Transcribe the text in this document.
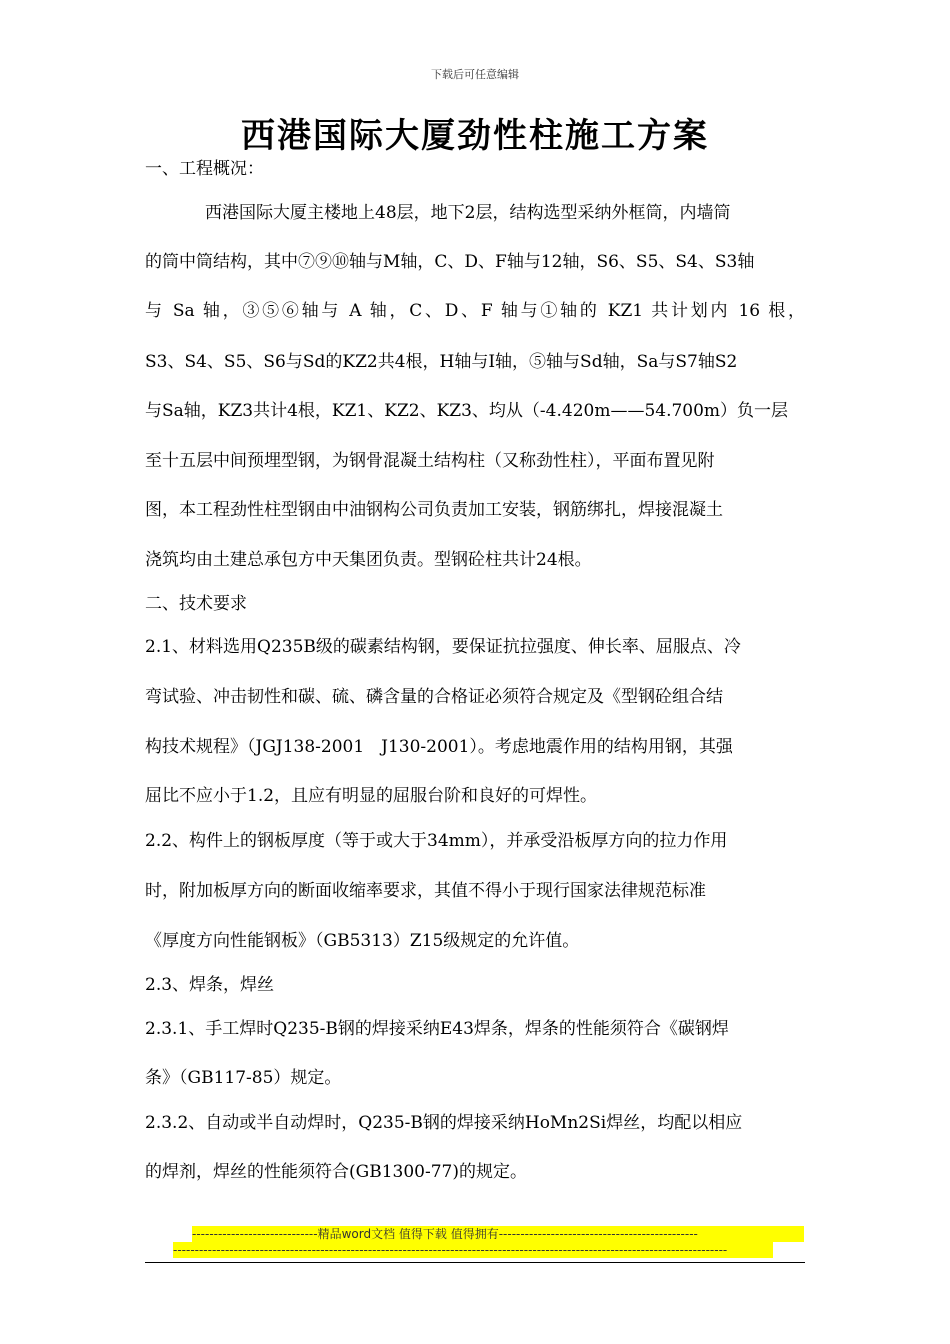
下载后可任意编辑
西港国际大厦劲性柱施工方案
一、工程概况：
西港国际大厦主楼地上48层，地下2层，结构选型采纳外框筒，内墙筒
的筒中筒结构，其中⑦⑨⑩轴与M轴，C、D、F轴与12轴，S6、S5、S4、S3轴
与 Sa 轴，③⑤⑥轴与 A 轴，C、D、F 轴与①轴的 KZ1 共计划内 16 根，
S3、S4、S5、S6与Sd的KZ2共4根，H轴与I轴，⑤轴与Sd轴，Sa与S7轴S2
与Sa轴，KZ3共计4根，KZ1、KZ2、KZ3、均从（-4.420m——54.700m）负一层
至十五层中间预埋型钢，为钢骨混凝土结构柱（又称劲性柱），平面布置见附
图，本工程劲性柱型钢由中油钢构公司负责加工安装，钢筋绑扎，焊接混凝土
浇筑均由土建总承包方中天集团负责。型钢砼柱共计24根。
二、技术要求
2.1、材料选用Q235B级的碳素结构钢，要保证抗拉强度、伸长率、屈服点、冷
弯试验、冲击韧性和碳、硫、磷含量的合格证必须符合规定及《型钢砼组合结
构技术规程》（JGJ138-2001　J130-2001）。考虑地震作用的结构用钢，其强
屈比不应小于1.2，且应有明显的屈服台阶和良好的可焊性。
2.2、构件上的钢板厚度（等于或大于34mm），并承受沿板厚方向的拉力作用
时，附加板厚方向的断面收缩率要求，其值不得小于现行国家法律规范标准
《厚度方向性能钢板》（GB5313）Z15级规定的允许值。
2.3、焊条，焊丝
2.3.1、手工焊时Q235-B钢的焊接采纳E43焊条，焊条的性能须符合《碳钢焊
条》（GB117-85）规定。
2.3.2、自动或半自动焊时，Q235-B钢的焊接采纳HoMn2Si焊丝，均配以相应
的焊剂，焊丝的性能须符合(GB1300-77)的规定。
-----------------------------精品word文档 值得下载 值得拥有----------------------------------------------
--------------------------------------------------------------------------------------------------------------------------------
